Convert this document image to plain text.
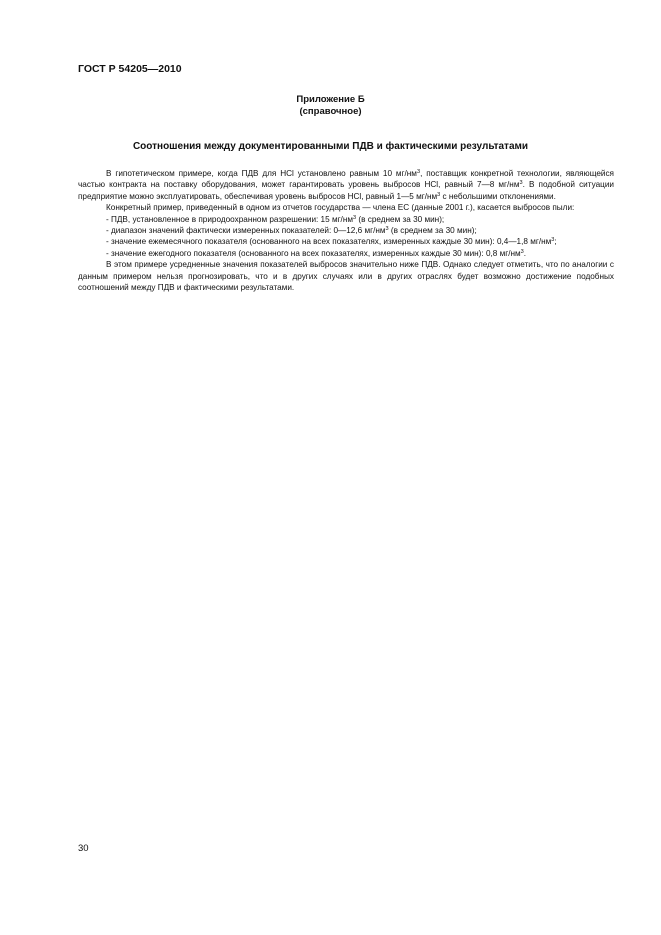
ГОСТ Р 54205—2010
Приложение Б
(справочное)
Соотношения между документированными ПДВ и фактическими результатами

В гипотетическом примере, когда ПДВ для HCl установлено равным 10 $мг/нм^3$, поставщик конкретной технологии, являющейся частью контракта на поставку оборудования, может гарантировать уровень выбросов HCl, равный 7—8 $мг/нм^3$. В подобной ситуации предприятие можно эксплуатировать, обеспечивая уровень выбросов HCl, равный 1—5 $мг/нм^3$ с небольшими отклонениями.

Конкретный пример, приведенный в одном из отчетов государства — члена ЕС (данные 2001 г.), касается выбросов пыли:

- ПДВ, установленное в природоохранном разрешении: 15 $мг/нм^3$ (в среднем за 30 мин);

- диапазон значений фактически измеренных показателей: 0—12,6 $мг/нм^3$ (в среднем за 30 мин);

- значение ежемесячного показателя (основанного на всех показателях, измеренных каждые 30 мин): 0,4—1,8 $мг/нм^3$;

- значение ежегодного показателя (основанного на всех показателях, измеренных каждые 30 мин): 0,8 $мг/нм^3$.

В этом примере усредненные значения показателей выбросов значительно ниже ПДВ. Однако следует отметить, что по аналогии с данным примером нельзя прогнозировать, что и в других случаях или в других отраслях будет возможно достижение подобных соотношений между ПДВ и фактическими результатами.

30
